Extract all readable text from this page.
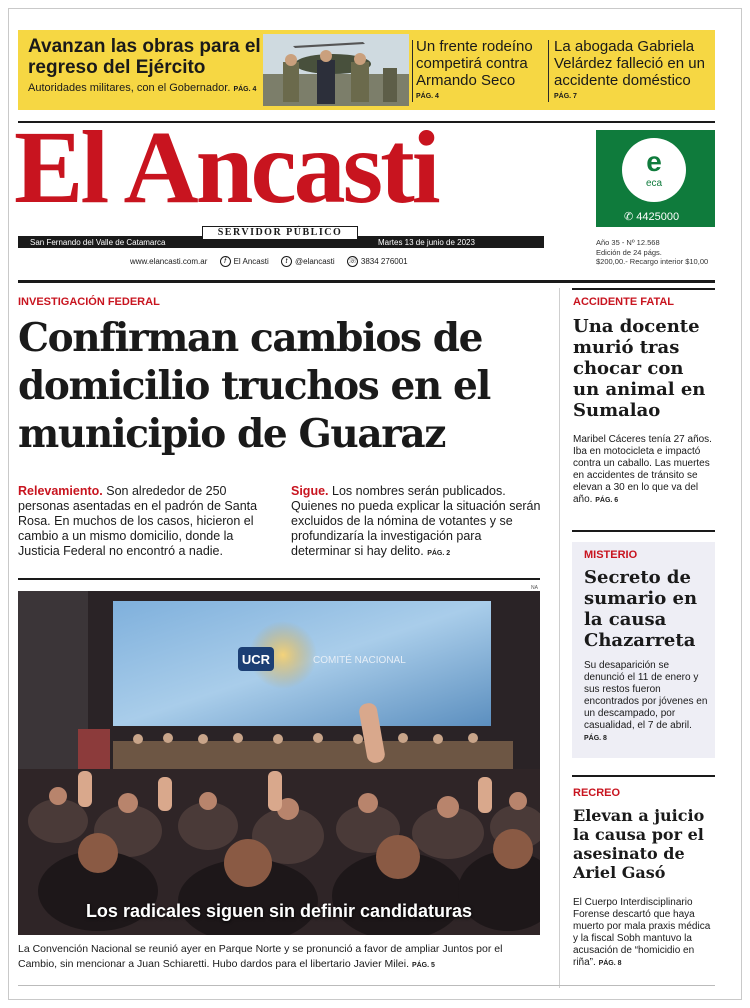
Avanzan las obras para el regreso del Ejército

Autoridades militares, con el Gobernador. PÁG. 4

Un frente rodeíno competirá contra Armando Seco
PÁG. 4
La abogada Gabriela Velárdez falleció en un accidente doméstico
PÁG. 7
El Ancasti
San Fernando del Valle de Catamarca
SERVIDOR PÚBLICO
Martes 13 de junio de 2023
www.elancasti.com.ar f El Ancasti t @elancasti ☏ 3834 276001
e
eca
✆ 4425000
Año 35 - Nº 12.568
Edición de 24 págs.
$200,00.- Recargo interior $10,00
INVESTIGACIÓN FEDERAL
Confirman cambios de domicilio truchos en el municipio de Guaraz

Relevamiento. Son alrededor de 250 personas asentadas en el padrón de Santa Rosa. En muchos de los casos, hicieron el cambio a un mismo domicilio, donde la Justicia Federal no encontró a nadie.

Sigue. Los nombres serán publicados. Quienes no pueda explicar la situación serán excluidos de la nómina de votantes y se profundizaría la investigación para determinar si hay delito. PÁG. 2

NA
UCR	COMITÉ NACIONAL
Los radicales siguen sin definir candidaturas

La Convención Nacional se reunió ayer en Parque Norte y se pronunció a favor de ampliar Juntos por el Cambio, sin mencionar a Juan Schiaretti. Hubo dardos para el libertario Javier Milei. PÁG. 5

ACCIDENTE FATAL
Una docente murió tras chocar con un animal en Sumalao

Maribel Cáceres tenía 27 años. Iba en motocicleta e impactó contra un caballo. Las muertes en accidentes de tránsito se elevan a 30 en lo que va del año. PÁG. 6

MISTERIO
Secreto de sumario en la causa Chazarreta

Su desaparición se denunció el 11 de enero y sus restos fueron encontrados por jóvenes en un descampado, por casualidad, el 7 de abril. PÁG. 8

RECREO
Elevan a juicio la causa por el asesinato de Ariel Gasó

El Cuerpo Interdisciplinario Forense descartó que haya muerto por mala praxis médica y la fiscal Sobh mantuvo la acusación de “homicidio en riña”. PÁG. 8
